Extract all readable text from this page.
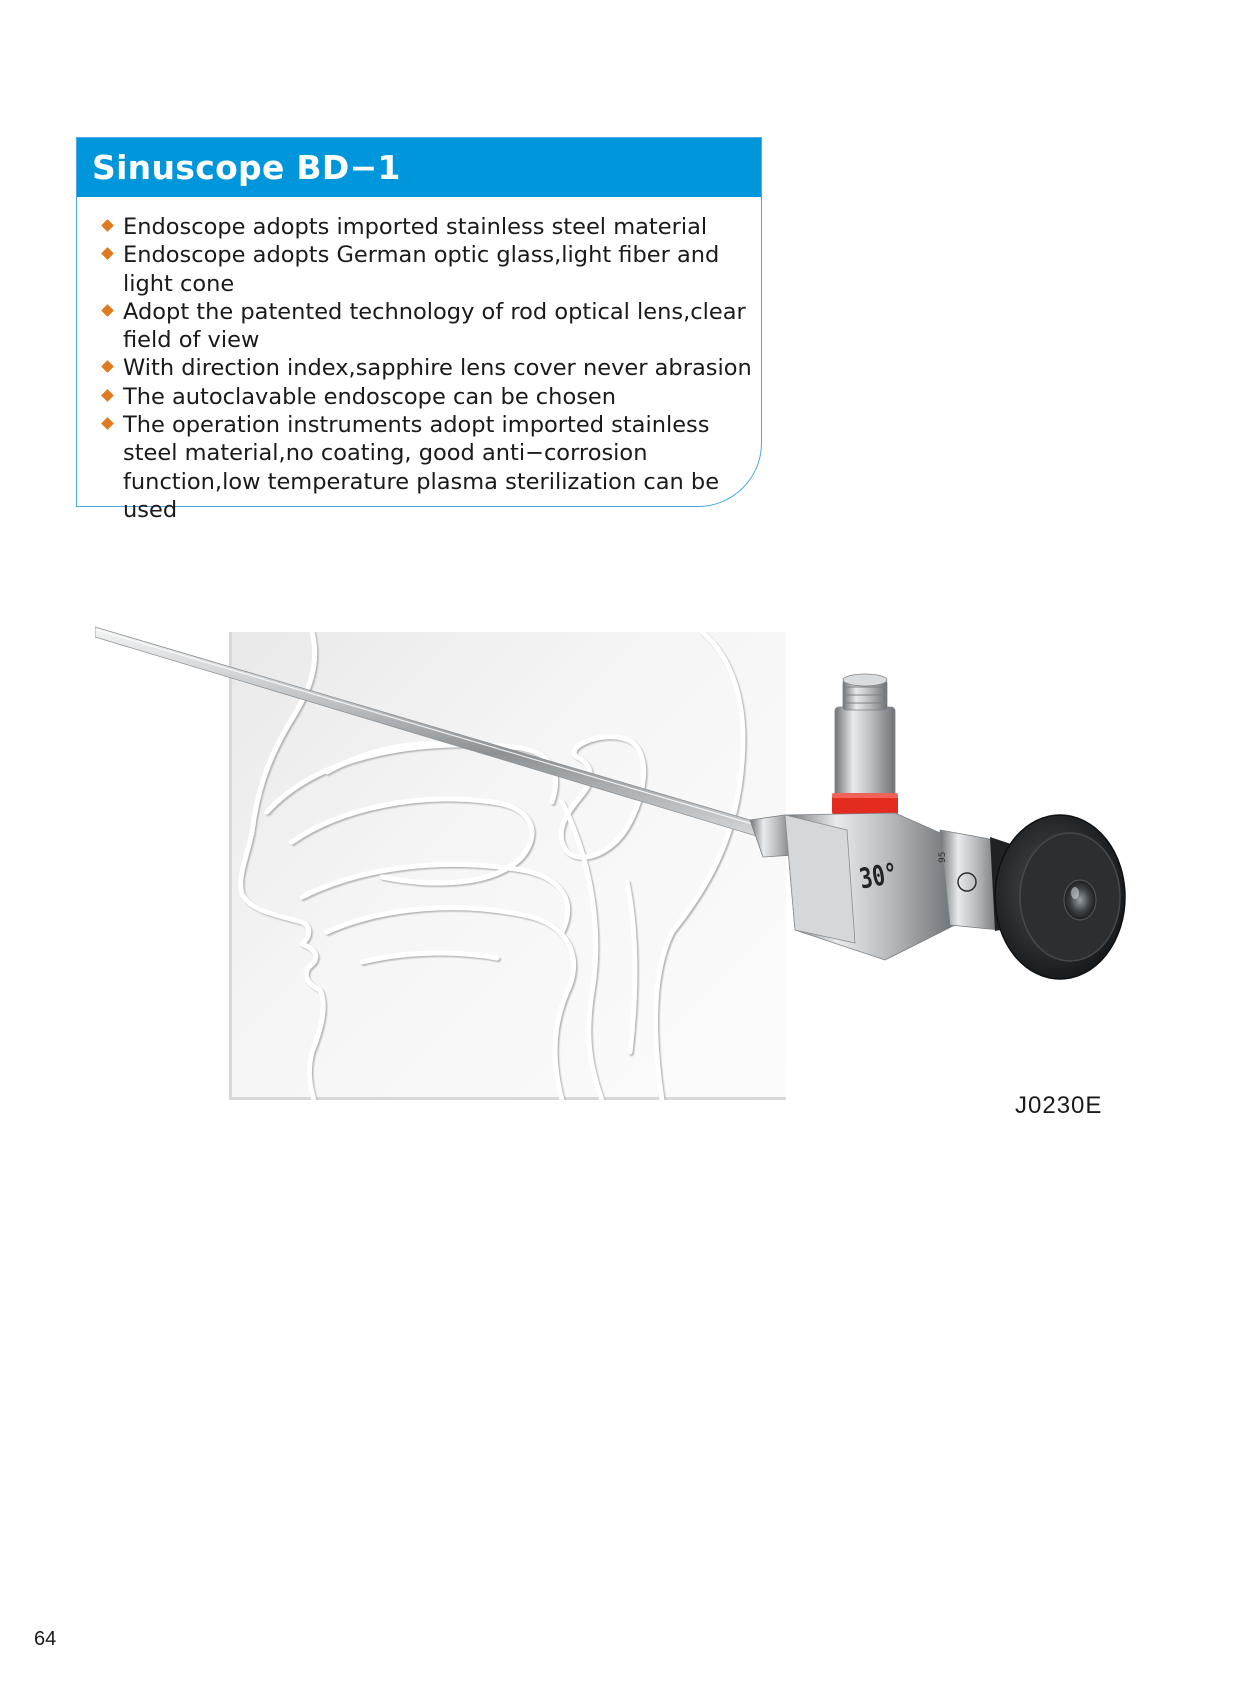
Sinuscope BD−1
Endoscope adopts imported stainless steel material
Endoscope adopts German optic glass,light fiber and light cone
Adopt the patented technology of rod optical lens,clear field of view
With direction index,sapphire lens cover never abrasion
The autoclavable endoscope can be chosen
The operation instruments adopt imported stainless steel material,no coating, good anti−corrosion function,low temperature plasma sterilization can be used
95
30°
J0230E
64
